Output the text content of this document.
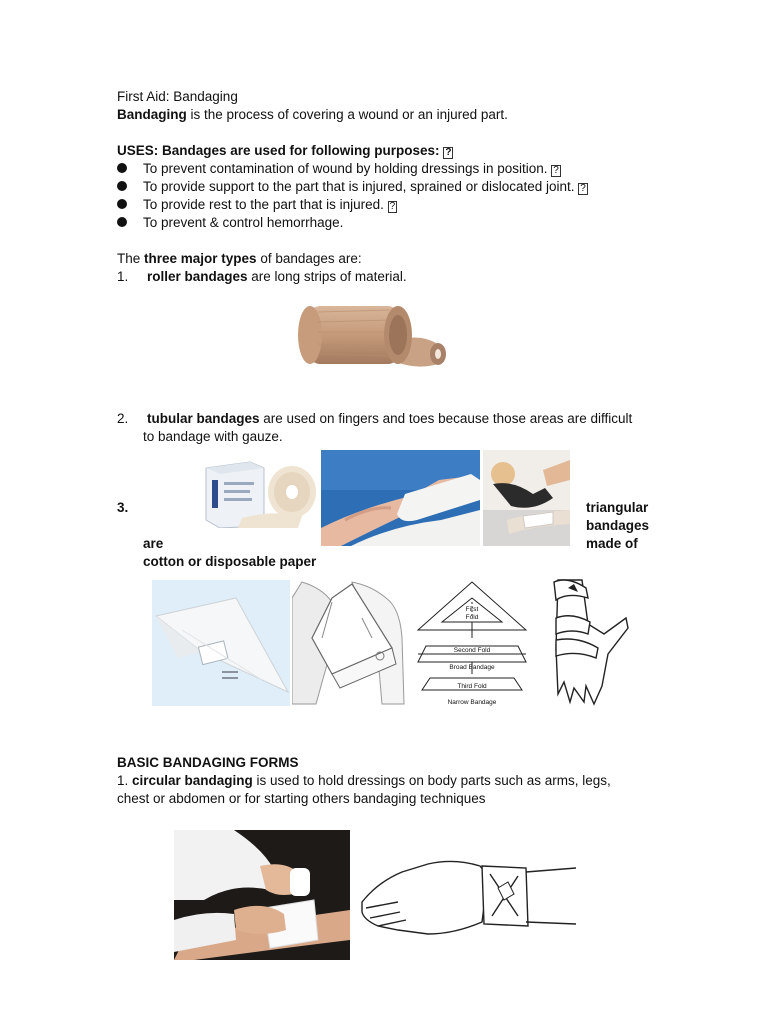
First Aid: Bandaging
Bandaging is the process of covering a wound or an injured part.
USES: Bandages are used for following purposes: ?
To prevent contamination of wound by holding dressings in position. ?
To provide support to the part that is injured, sprained or dislocated joint. ?
To provide rest to the part that is injured. ?
To prevent & control hemorrhage.
The three major types of bandages are:
1. roller bandages are long strips of material.
2. tubular bandages are used on fingers and toes because those areas are difficult
to bandage with gauze.
3.	triangular
bandages
are	made of
cotton or disposable paper
First
Fold
Second Fold
Broad Bandage
Third Fold
Narrow Bandage
BASIC BANDAGING FORMS
1. circular bandaging is used to hold dressings on body parts such as arms, legs,
chest or abdomen or for starting others bandaging techniques
